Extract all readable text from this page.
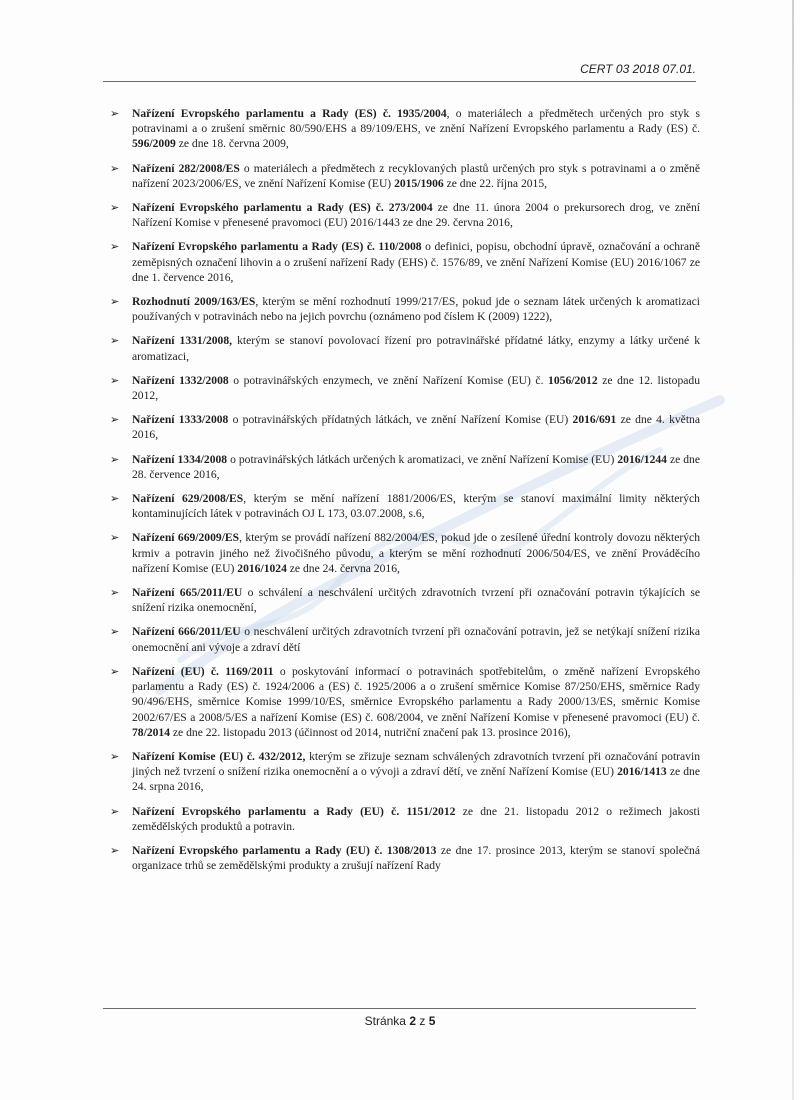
CERT 03 2018 07.01.
➢ Nařízení Evropského parlamentu a Rady (ES) č. 1935/2004, o materiálech a předmětech určených pro styk s potravinami a o zrušení směrnic 80/590/EHS a 89/109/EHS, ve znění Nařízení Evropského parlamentu a Rady (ES) č. 596/2009 ze dne 18. června 2009,
➢ Nařízení 282/2008/ES o materiálech a předmětech z recyklovaných plastů určených pro styk s potravinami a o změně nařízení 2023/2006/ES, ve znění Nařízení Komise (EU) 2015/1906 ze dne 22. října 2015,
➢ Nařízení Evropského parlamentu a Rady (ES) č. 273/2004 ze dne 11. února 2004 o prekursorech drog, ve znění Nařízení Komise v přenesené pravomoci (EU) 2016/1443 ze dne 29. června 2016,
➢ Nařízení Evropského parlamentu a Rady (ES) č. 110/2008 o definici, popisu, obchodní úpravě, označování a ochraně zeměpisných označení lihovin a o zrušení nařízení Rady (EHS) č. 1576/89, ve znění Nařízení Komise (EU) 2016/1067 ze dne 1. července 2016,
➢ Rozhodnutí 2009/163/ES, kterým se mění rozhodnutí 1999/217/ES, pokud jde o seznam látek určených k aromatizaci používaných v potravinách nebo na jejich povrchu (oznámeno pod číslem K (2009) 1222),
➢ Nařízení 1331/2008, kterým se stanoví povolovací řízení pro potravinářské přídatné látky, enzymy a látky určené k aromatizaci,
➢ Nařízení 1332/2008 o potravinářských enzymech, ve znění Nařízení Komise (EU) č. 1056/2012 ze dne 12. listopadu 2012,
➢ Nařízení 1333/2008 o potravinářských přídatných látkách, ve znění Nařízení Komise (EU) 2016/691 ze dne 4. května 2016,
➢ Nařízení 1334/2008 o potravinářských látkách určených k aromatizaci, ve znění Nařízení Komise (EU) 2016/1244 ze dne 28. července 2016,
➢ Nařízení 629/2008/ES, kterým se mění nařízení 1881/2006/ES, kterým se stanoví maximální limity některých kontaminujících látek v potravinách OJ L 173, 03.07.2008, s.6,
➢ Nařízení 669/2009/ES, kterým se provádí nařízení 882/2004/ES, pokud jde o zesílené úřední kontroly dovozu některých krmiv a potravin jiného než živočišného původu, a kterým se mění rozhodnutí 2006/504/ES, ve znění Prováděcího nařízení Komise (EU) 2016/1024 ze dne 24. června 2016,
➢ Nařízení 665/2011/EU o schválení a neschválení určitých zdravotních tvrzení při označování potravin týkajících se snížení rizika onemocnění,
➢ Nařízení 666/2011/EU o neschválení určitých zdravotních tvrzení při označování potravin, jež se netýkají snížení rizika onemocnění ani vývoje a zdraví dětí
➢ Nařízení (EU) č. 1169/2011 o poskytování informací o potravinách spotřebitelům, o změně nařízení Evropského parlamentu a Rady (ES) č. 1924/2006 a (ES) č. 1925/2006 a o zrušení směrnice Komise 87/250/EHS, směrnice Rady 90/496/EHS, směrnice Komise 1999/10/ES, směrnice Evropského parlamentu a Rady 2000/13/ES, směrnic Komise 2002/67/ES a 2008/5/ES a nařízení Komise (ES) č. 608/2004, ve znění Nařízení Komise v přenesené pravomoci (EU) č. 78/2014 ze dne 22. listopadu 2013 (účinnost od 2014, nutriční značení pak 13. prosince 2016),
➢ Nařízení Komise (EU) č. 432/2012, kterým se zřizuje seznam schválených zdravotních tvrzení při označování potravin jiných než tvrzení o snížení rizika onemocnění a o vývoji a zdraví dětí, ve znění Nařízení Komise (EU) 2016/1413 ze dne 24. srpna 2016,
➢ Nařízení Evropského parlamentu a Rady (EU) č. 1151/2012 ze dne 21. listopadu 2012 o režimech jakosti zemědělských produktů a potravin.
➢ Nařízení Evropského parlamentu a Rady (EU) č. 1308/2013 ze dne 17. prosince 2013, kterým se stanoví společná organizace trhů se zemědělskými produkty a zrušují nařízení Rady
Stránka 2 z 5
